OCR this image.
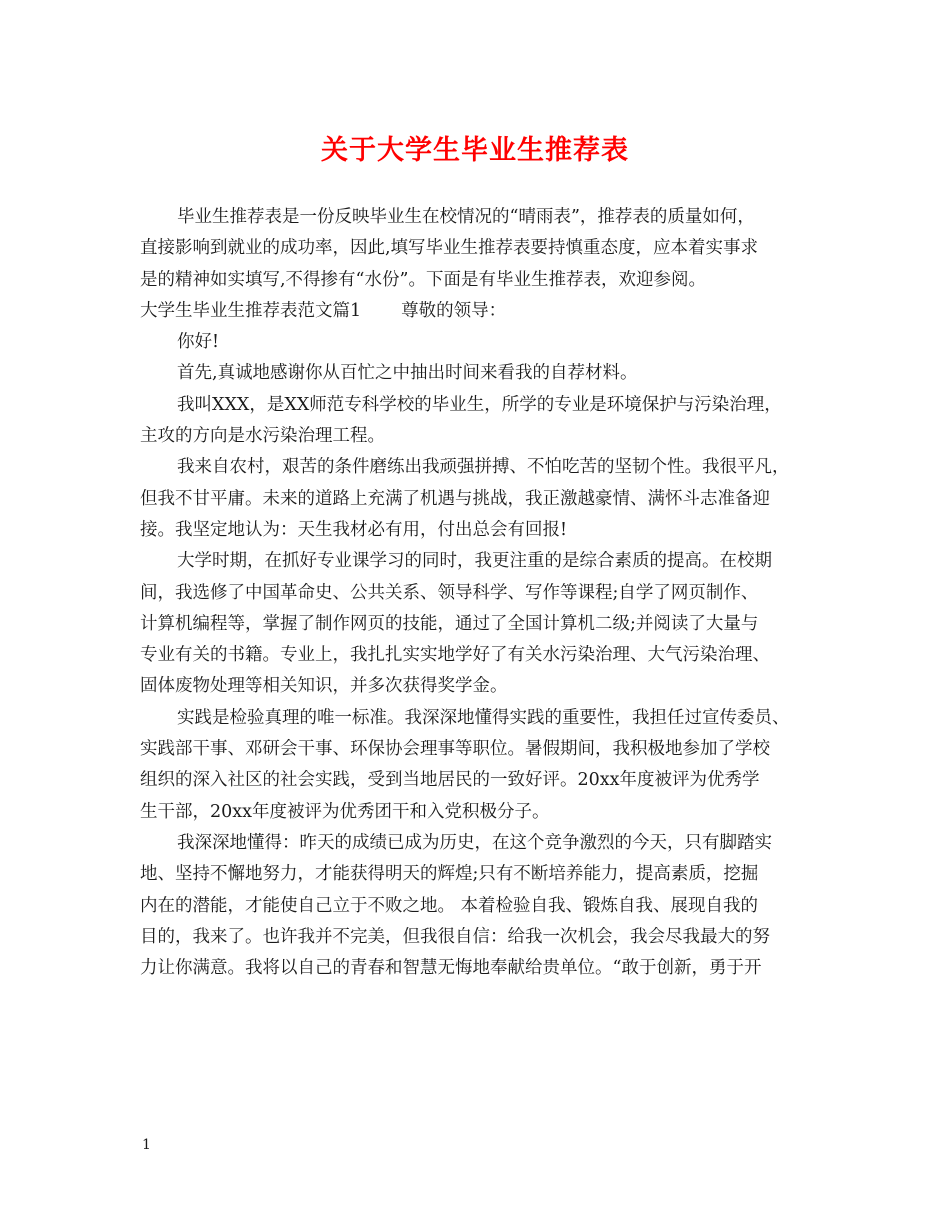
关于大学生毕业生推荐表
毕业生推荐表是一份反映毕业生在校情况的“晴雨表”，推荐表的质量如何，
直接影响到就业的成功率，因此,填写毕业生推荐表要持慎重态度，应本着实事求
是的精神如实填写,不得掺有“水份”。下面是有毕业生推荐表，欢迎参阅。
大学生毕业生推荐表范文篇1 尊敬的领导：
你好!
首先,真诚地感谢你从百忙之中抽出时间来看我的自荐材料。
我叫XXX，是XX师范专科学校的毕业生，所学的专业是环境保护与污染治理，
主攻的方向是水污染治理工程。
我来自农村，艰苦的条件磨练出我顽强拼搏、不怕吃苦的坚韧个性。我很平凡，
但我不甘平庸。未来的道路上充满了机遇与挑战，我正激越豪情、满怀斗志准备迎
接。我坚定地认为：天生我材必有用，付出总会有回报!
大学时期，在抓好专业课学习的同时，我更注重的是综合素质的提高。在校期
间，我选修了中国革命史、公共关系、领导科学、写作等课程;自学了网页制作、
计算机编程等，掌握了制作网页的技能，通过了全国计算机二级;并阅读了大量与
专业有关的书籍。专业上，我扎扎实实地学好了有关水污染治理、大气污染治理、
固体废物处理等相关知识，并多次获得奖学金。
实践是检验真理的唯一标准。我深深地懂得实践的重要性，我担任过宣传委员、
实践部干事、邓研会干事、环保协会理事等职位。暑假期间，我积极地参加了学校
组织的深入社区的社会实践，受到当地居民的一致好评。20xx年度被评为优秀学
生干部，20xx年度被评为优秀团干和入党积极分子。
我深深地懂得：昨天的成绩已成为历史，在这个竞争激烈的今天，只有脚踏实
地、坚持不懈地努力，才能获得明天的辉煌;只有不断培养能力，提高素质，挖掘
内在的潜能，才能使自己立于不败之地。 本着检验自我、锻炼自我、展现自我的
目的，我来了。也许我并不完美，但我很自信：给我一次机会，我会尽我最大的努
力让你满意。我将以自己的青春和智慧无悔地奉献给贵单位。“敢于创新，勇于开
1
